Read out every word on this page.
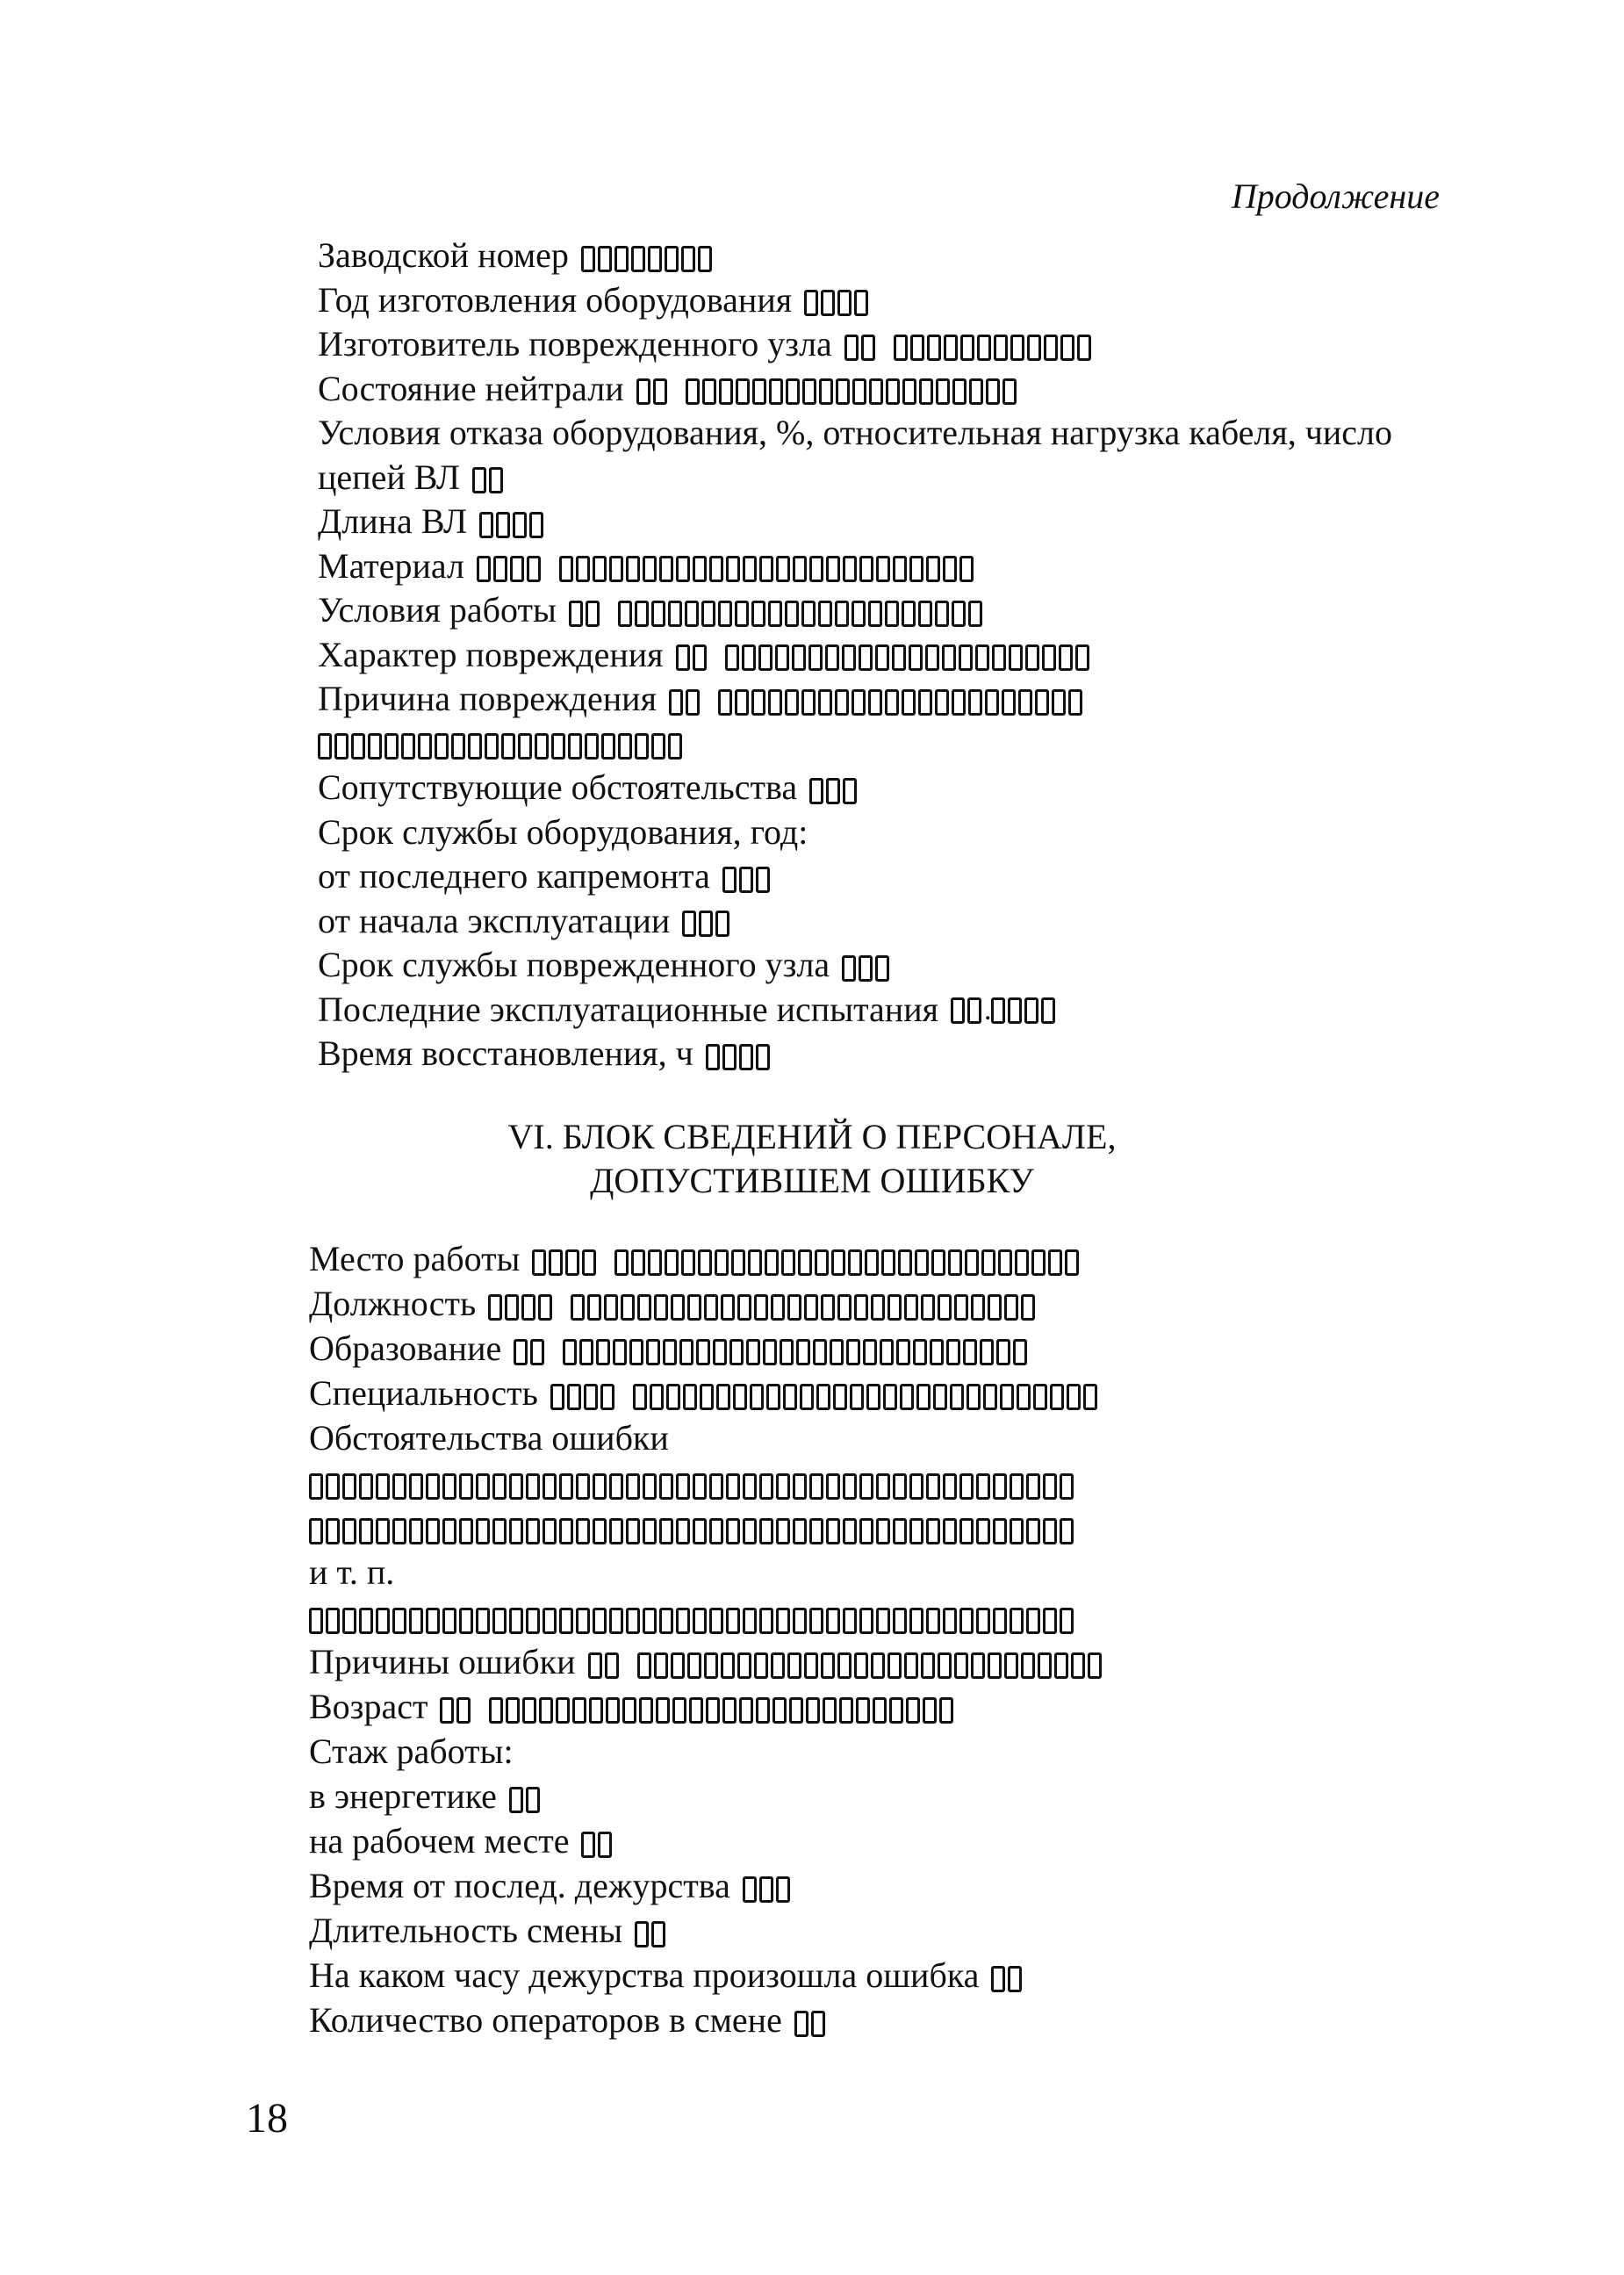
Продолжение
Заводской номер
Год изготовления оборудования
Изготовитель поврежденного узла
Состояние нейтрали
Условия отказа оборудования, %, относительная нагрузка кабеля, число
цепей ВЛ
Длина ВЛ
Материал
Условия работы
Характер повреждения
Причина повреждения
Сопутствующие обстоятельства
Срок службы оборудования, год:
от последнего капремонта
от начала эксплуатации
Срок службы поврежденного узла
Последние эксплуатационные испытания .
Время восстановления, ч
VI. БЛОК СВЕДЕНИЙ О ПЕРСОНАЛЕ,
ДОПУСТИВШЕМ ОШИБКУ
Место работы
Должность
Образование
Специальность
Обстоятельства ошибки
и т. п.
Причины ошибки
Возраст
Стаж работы:
в энергетике
на рабочем месте
Время от послед. дежурства
Длительность смены
На каком часу дежурства произошла ошибка
Количество операторов в смене
18
